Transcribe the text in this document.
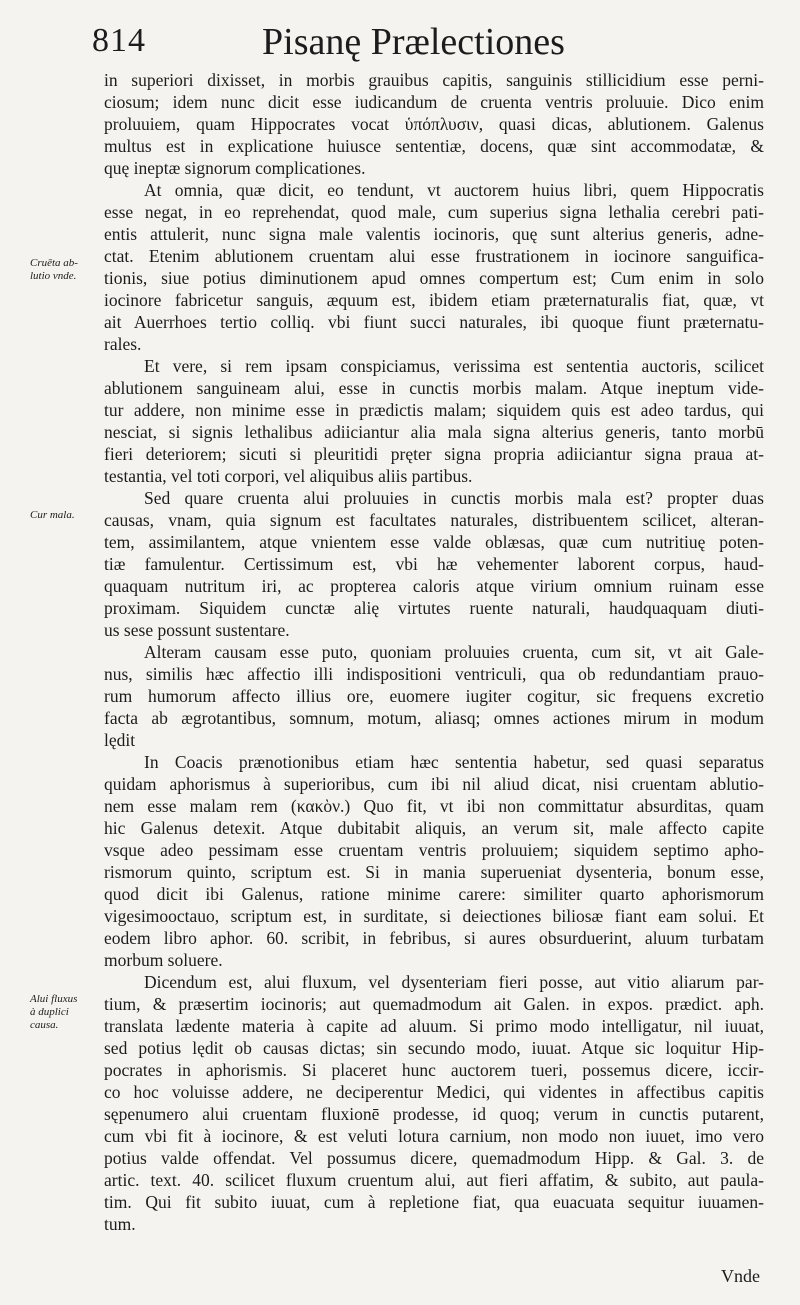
814	Pisanę Prælectiones
Cruēta ab-
lutio vnde.
Cur mala.
Alui fluxus
à duplici
causa.
in superiori dixisset, in morbis grauibus capitis, sanguinis stillicidium esse perni-
ciosum; idem nunc dicit esse iudicandum de cruenta ventris proluuie. Dico enim
proluuiem, quam Hippocrates vocat ὑπόπλυσιν, quasi dicas, ablutionem. Galenus
multus est in explicatione huiusce sententiæ, docens, quæ sint accommodatæ, &
quę ineptæ signorum complicationes.
At omnia, quæ dicit, eo tendunt, vt auctorem huius libri, quem Hippocratis
esse negat, in eo reprehendat, quod male, cum superius signa lethalia cerebri pati-
entis attulerit, nunc signa male valentis iocinoris, quę sunt alterius generis, adne-
ctat. Etenim ablutionem cruentam alui esse frustrationem in iocinore sanguifica-
tionis, siue potius diminutionem apud omnes compertum est; Cum enim in solo
iocinore fabricetur sanguis, æquum est, ibidem etiam præternaturalis fiat, quæ, vt
ait Auerrhoes tertio colliq. vbi fiunt succi naturales, ibi quoque fiunt præternatu-
rales.
Et vere, si rem ipsam conspiciamus, verissima est sententia auctoris, scilicet
ablutionem sanguineam alui, esse in cunctis morbis malam. Atque ineptum vide-
tur addere, non minime esse in prædictis malam; siquidem quis est adeo tardus, qui
nesciat, si signis lethalibus adiiciantur alia mala signa alterius generis, tanto morbū
fieri deteriorem; sicuti si pleuritidi pręter signa propria adiiciantur signa praua at-
testantia, vel toti corpori, vel aliquibus aliis partibus.
Sed quare cruenta alui proluuies in cunctis morbis mala est? propter duas
causas, vnam, quia signum est facultates naturales, distribuentem scilicet, alteran-
tem, assimilantem, atque vnientem esse valde oblæsas, quæ cum nutritiuę poten-
tiæ famulentur. Certissimum est, vbi hæ vehementer laborent corpus, haud-
quaquam nutritum iri, ac propterea caloris atque virium omnium ruinam esse
proximam. Siquidem cunctæ alię virtutes ruente naturali, haudquaquam diuti-
us sese possunt sustentare.
Alteram causam esse puto, quoniam proluuies cruenta, cum sit, vt ait Gale-
nus, similis hæc affectio illi indispositioni ventriculi, qua ob redundantiam prauo-
rum humorum affecto illius ore, euomere iugiter cogitur, sic frequens excretio
facta ab ægrotantibus, somnum, motum, aliasq; omnes actiones mirum in modum
lędit
In Coacis prænotionibus etiam hæc sententia habetur, sed quasi separatus
quidam aphorismus à superioribus, cum ibi nil aliud dicat, nisi cruentam ablutio-
nem esse malam rem (κακὸν.) Quo fit, vt ibi non committatur absurditas, quam
hic Galenus detexit. Atque dubitabit aliquis, an verum sit, male affecto capite
vsque adeo pessimam esse cruentam ventris proluuiem; siquidem septimo apho-
rismorum quinto, scriptum est. Si in mania superueniat dysenteria, bonum esse,
quod dicit ibi Galenus, ratione minime carere: similiter quarto aphorismorum
vigesimooctauo, scriptum est, in surditate, si deiectiones biliosæ fiant eam solui. Et
eodem libro aphor. 60. scribit, in febribus, si aures obsurduerint, aluum turbatam
morbum soluere.
Dicendum est, alui fluxum, vel dysenteriam fieri posse, aut vitio aliarum par-
tium, & præsertim iocinoris; aut quemadmodum ait Galen. in expos. prædict. aph.
translata lædente materia à capite ad aluum. Si primo modo intelligatur, nil iuuat,
sed potius lędit ob causas dictas; sin secundo modo, iuuat. Atque sic loquitur Hip-
pocrates in aphorismis. Si placeret hunc auctorem tueri, possemus dicere, iccir-
co hoc voluisse addere, ne deciperentur Medici, qui videntes in affectibus capitis
sępenumero alui cruentam fluxionē prodesse, id quoq; verum in cunctis putarent,
cum vbi fit à iocinore, & est veluti lotura carnium, non modo non iuuet, imo vero
potius valde offendat. Vel possumus dicere, quemadmodum Hipp. & Gal. 3. de
artic. text. 40. scilicet fluxum cruentum alui, aut fieri affatim, & subito, aut paula-
tim. Qui fit subito iuuat, cum à repletione fiat, qua euacuata sequitur iuuamen-
tum.
Vnde
